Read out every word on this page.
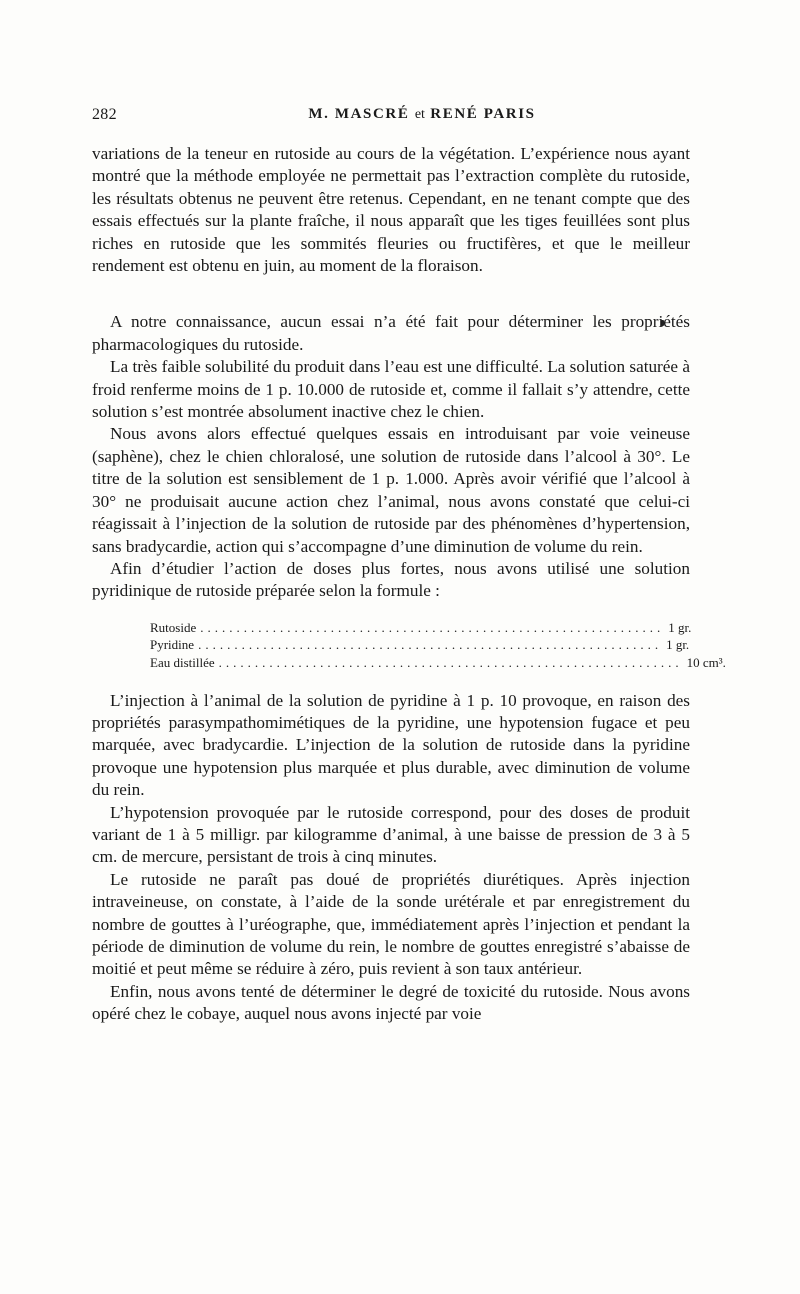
282	M. MASCRÉ et RENÉ PARIS

variations de la teneur en rutoside au cours de la végétation. L’expérience nous ayant montré que la méthode employée ne permettait pas l’extraction complète du rutoside, les résultats obtenus ne peuvent être retenus. Cependant, en ne tenant compte que des essais effectués sur la plante fraîche, il nous apparaît que les tiges feuillées sont plus riches en rutoside que les sommités fleuries ou fructifères, et que le meilleur rendement est obtenu en juin, au moment de la floraison.

A notre connaissance, aucun essai n’a été fait pour déterminer les propriétés pharmacologiques du rutoside.

La très faible solubilité du produit dans l’eau est une difficulté. La solution saturée à froid renferme moins de 1 p. 10.000 de rutoside et, comme il fallait s’y attendre, cette solution s’est montrée absolument inactive chez le chien.

Nous avons alors effectué quelques essais en introduisant par voie veineuse (saphène), chez le chien chloralosé, une solution de rutoside dans l’alcool à 30°. Le titre de la solution est sensiblement de 1 p. 1.000. Après avoir vérifié que l’alcool à 30° ne produisait aucune action chez l’animal, nous avons constaté que celui-ci réagissait à l’injection de la solution de rutoside par des phénomènes d’hypertension, sans bradycardie, action qui s’accompagne d’une diminution de volume du rein.

Afin d’étudier l’action de doses plus fortes, nous avons utilisé une solution pyridinique de rutoside préparée selon la formule :

Rutoside ................................................................ 1 gr.
Pyridine ................................................................ 1 gr.
Eau distillée ................................................................ 10 cm³.

L’injection à l’animal de la solution de pyridine à 1 p. 10 provoque, en raison des propriétés parasympathomimétiques de la pyridine, une hypotension fugace et peu marquée, avec bradycardie. L’injection de la solution de rutoside dans la pyridine provoque une hypotension plus marquée et plus durable, avec diminution de volume du rein.

L’hypotension provoquée par le rutoside correspond, pour des doses de produit variant de 1 à 5 milligr. par kilogramme d’animal, à une baisse de pression de 3 à 5 cm. de mercure, persistant de trois à cinq minutes.

Le rutoside ne paraît pas doué de propriétés diurétiques. Après injection intraveineuse, on constate, à l’aide de la sonde urétérale et par enregistrement du nombre de gouttes à l’uréographe, que, immédiatement après l’injection et pendant la période de diminution de volume du rein, le nombre de gouttes enregistré s’abaisse de moitié et peut même se réduire à zéro, puis revient à son taux antérieur.

Enfin, nous avons tenté de déterminer le degré de toxicité du rutoside. Nous avons opéré chez le cobaye, auquel nous avons injecté par voie
